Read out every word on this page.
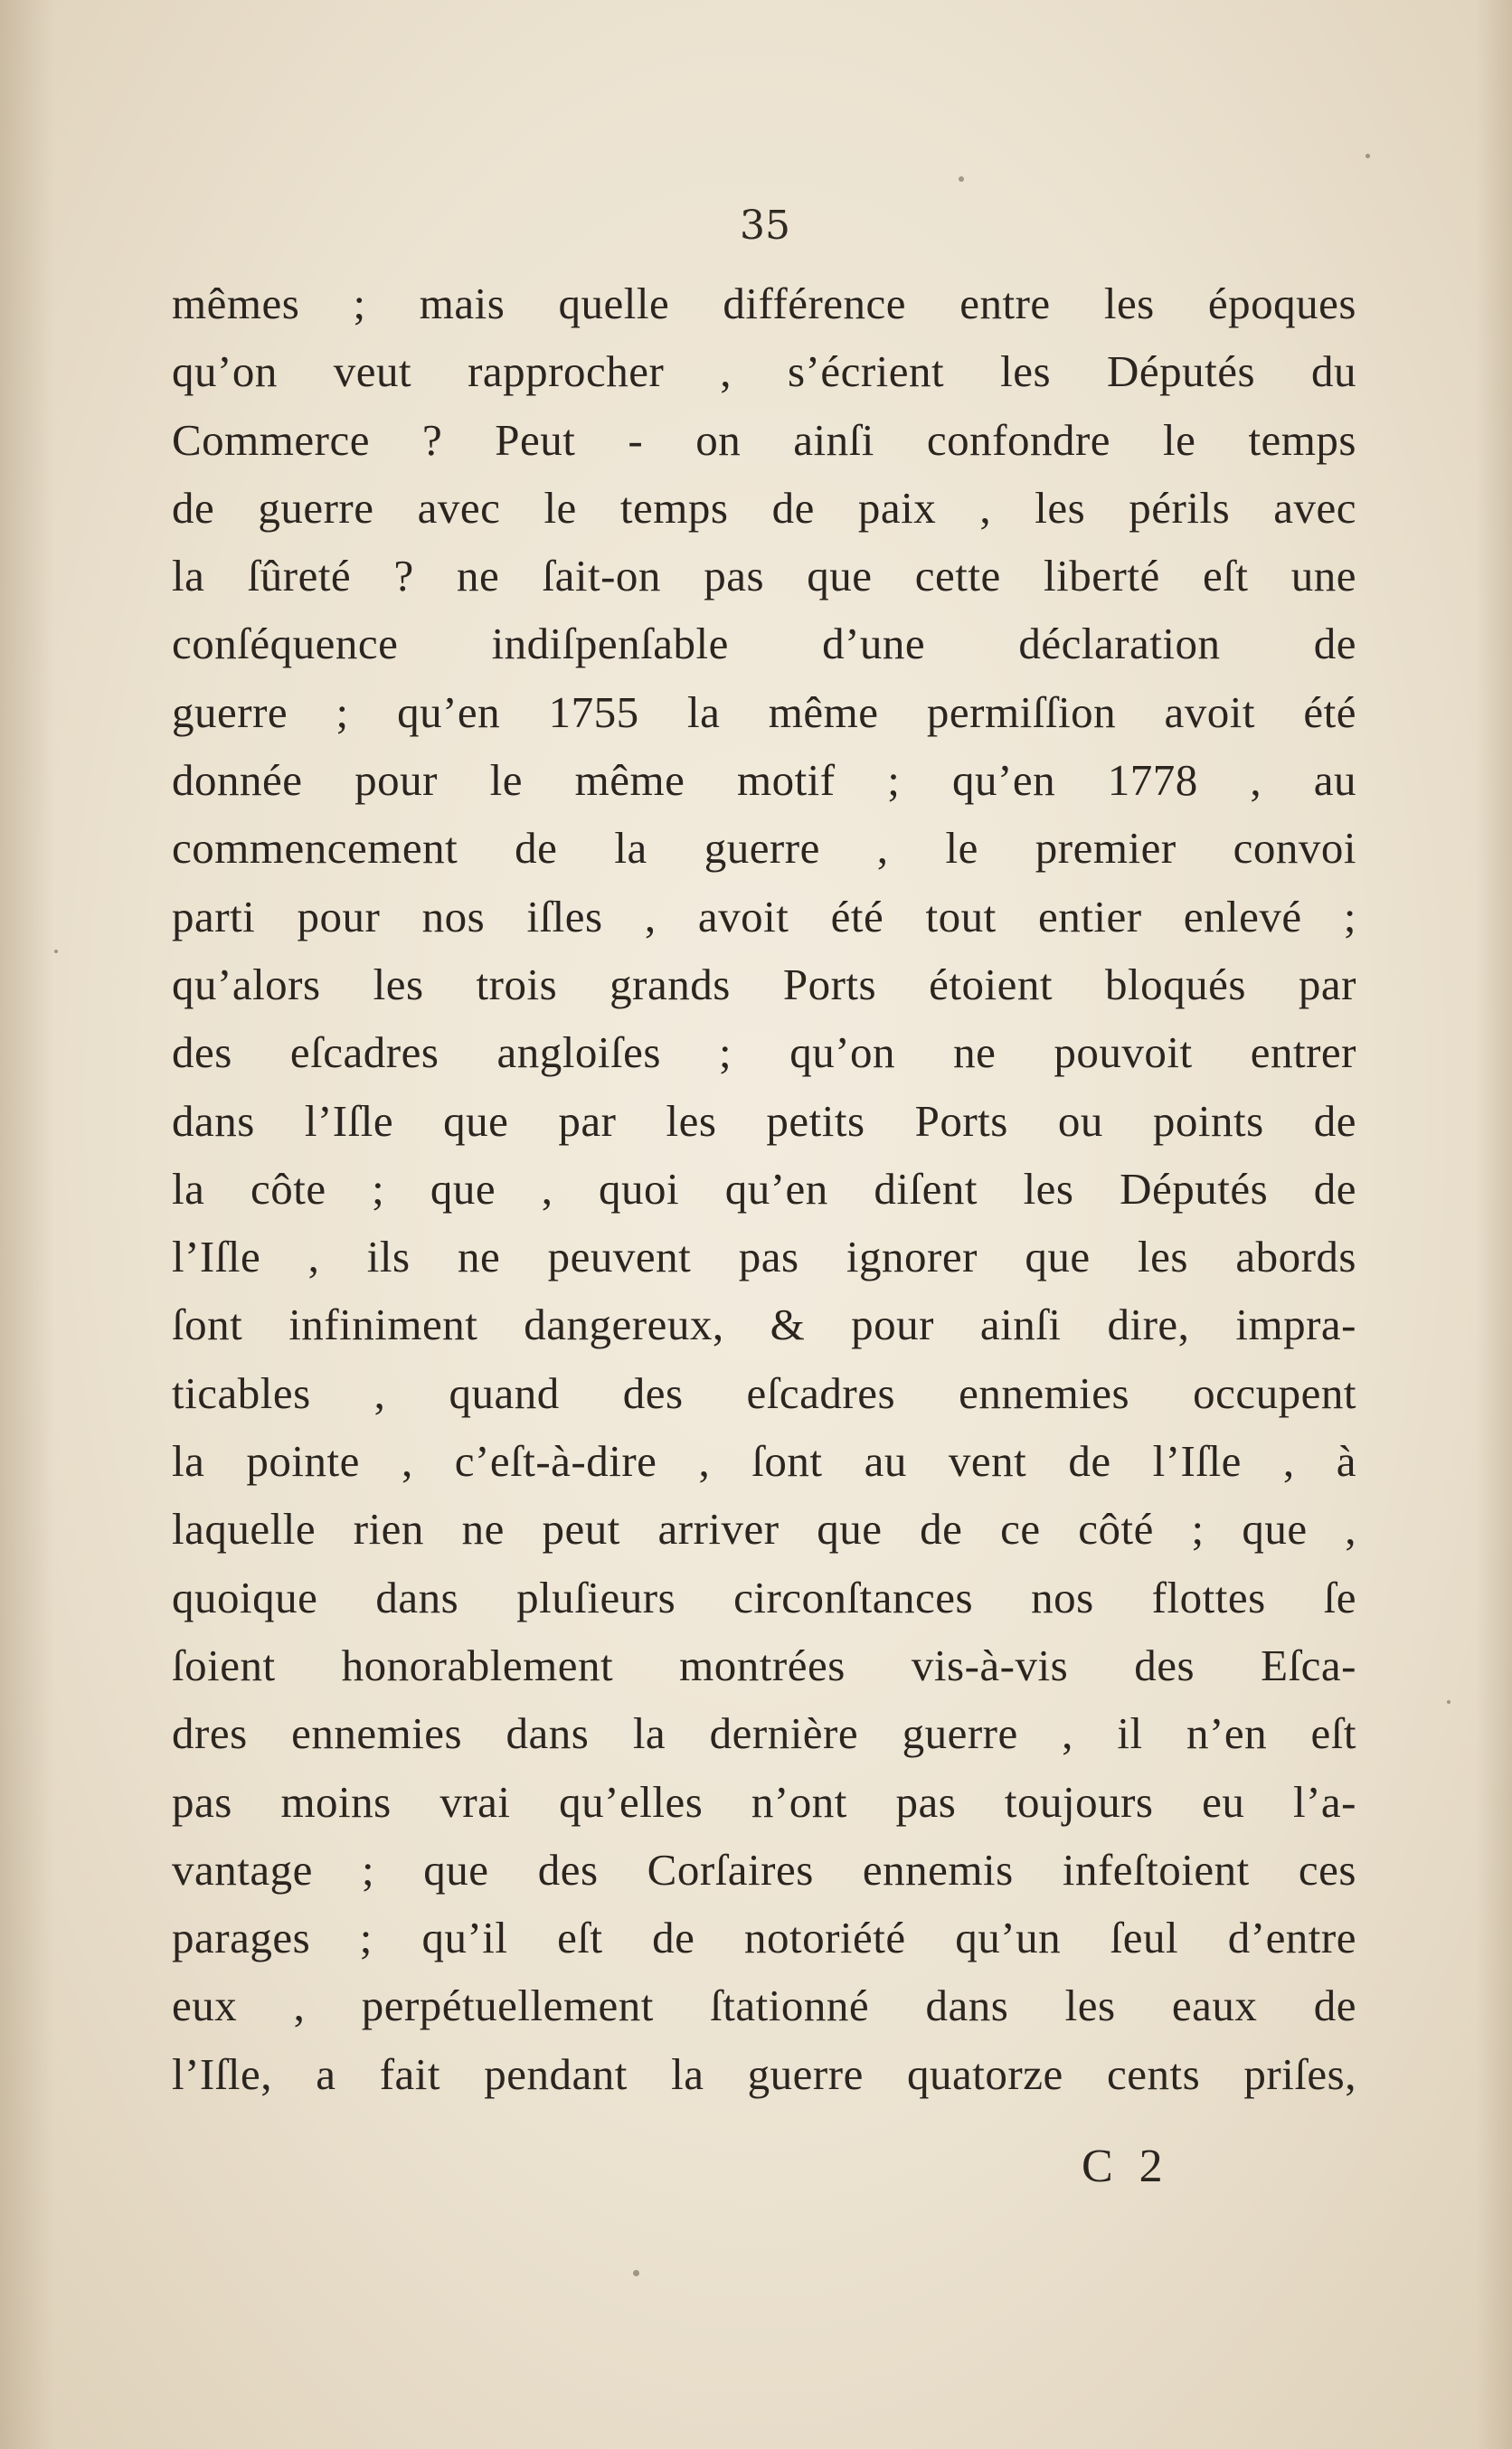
35
mêmes ; mais quelle différence entre les époques
qu’on veut rapprocher , s’écrient les Députés du
Commerce ? Peut - on ainſi confondre le temps
de guerre avec le temps de paix , les périls avec
la ſûreté ? ne ſait-on pas que cette liberté eſt une
conſéquence indiſpenſable d’une déclaration de
guerre ; qu’en 1755 la même permiſſion avoit été
donnée pour le même motif ; qu’en 1778 , au
commencement de la guerre , le premier convoi
parti pour nos iſles , avoit été tout entier enlevé ;
qu’alors les trois grands Ports étoient bloqués par
des eſcadres angloiſes ; qu’on ne pouvoit entrer
dans l’Iſle que par les petits Ports ou points de
la côte ; que , quoi qu’en diſent les Députés de
l’Iſle , ils ne peuvent pas ignorer que les abords
ſont infiniment dangereux, & pour ainſi dire, impra-
ticables , quand des eſcadres ennemies occupent
la pointe , c’eſt-à-dire , ſont au vent de l’Iſle , à
laquelle rien ne peut arriver que de ce côté ; que ,
quoique dans pluſieurs circonſtances nos flottes ſe
ſoient honorablement montrées vis-à-vis des Eſca-
dres ennemies dans la dernière guerre , il n’en eſt
pas moins vrai qu’elles n’ont pas toujours eu l’a-
vantage ; que des Corſaires ennemis infeſtoient ces
parages ; qu’il eſt de notoriété qu’un ſeul d’entre
eux , perpétuellement ſtationné dans les eaux de
l’Iſle, a fait pendant la guerre quatorze cents priſes,
C 2
